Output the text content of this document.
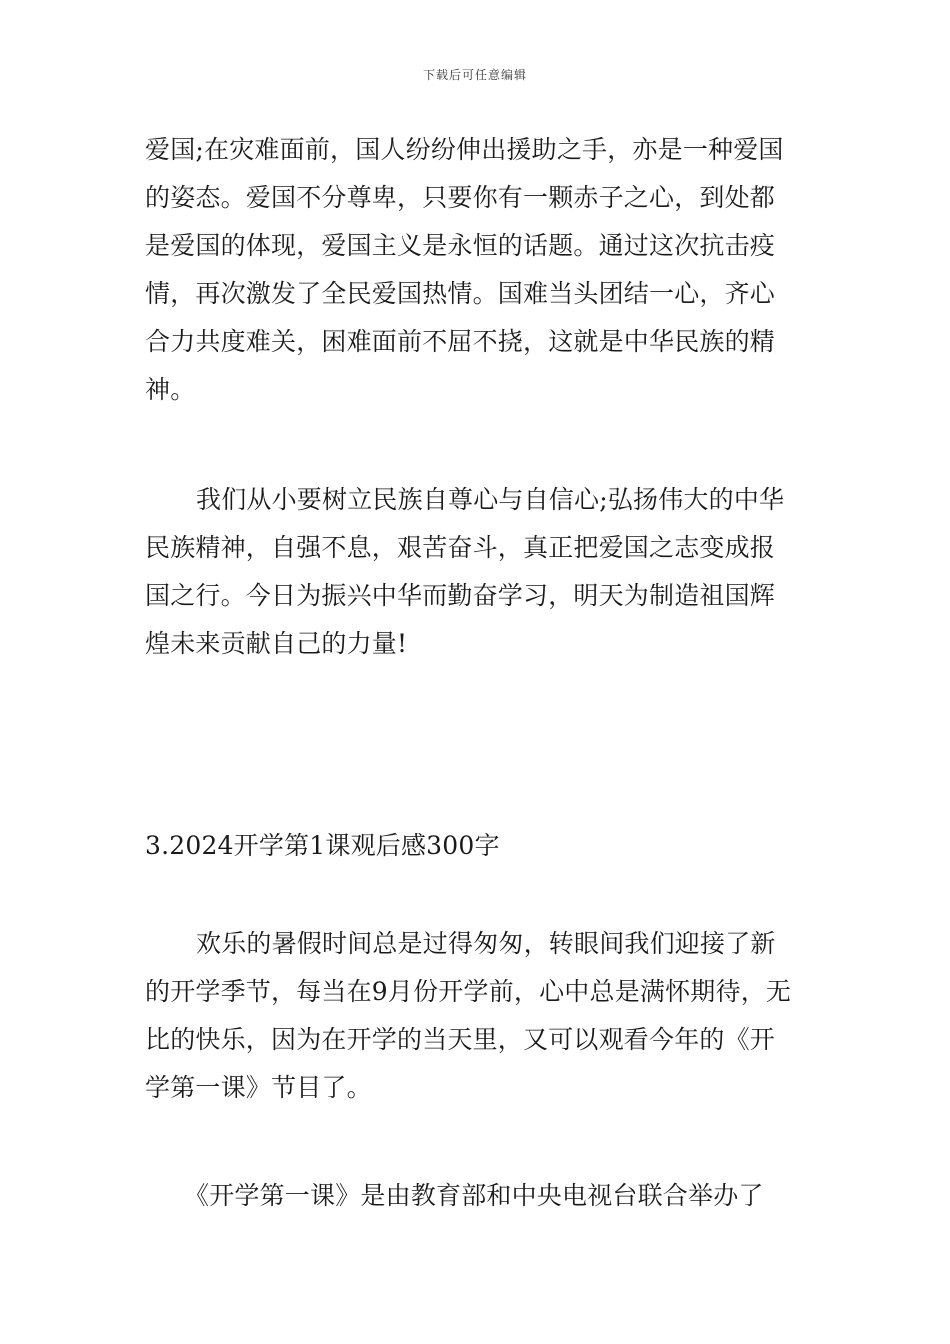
下载后可任意编辑
爱国;在灾难面前，国人纷纷伸出援助之手，亦是一种爱国
的姿态。爱国不分尊卑，只要你有一颗赤子之心，到处都
是爱国的体现，爱国主义是永恒的话题。通过这次抗击疫
情，再次激发了全民爱国热情。国难当头团结一心，齐心
合力共度难关，困难面前不屈不挠，这就是中华民族的精
神。
我们从小要树立民族自尊心与自信心;弘扬伟大的中华
民族精神，自强不息，艰苦奋斗，真正把爱国之志变成报
国之行。今日为振兴中华而勤奋学习，明天为制造祖国辉
煌未来贡献自己的力量!
3.2024开学第1课观后感300字
欢乐的暑假时间总是过得匆匆，转眼间我们迎接了新
的开学季节，每当在9月份开学前，心中总是满怀期待，无
比的快乐，因为在开学的当天里，又可以观看今年的《开
学第一课》节目了。
《开学第一课》是由教育部和中央电视台联合举办了
